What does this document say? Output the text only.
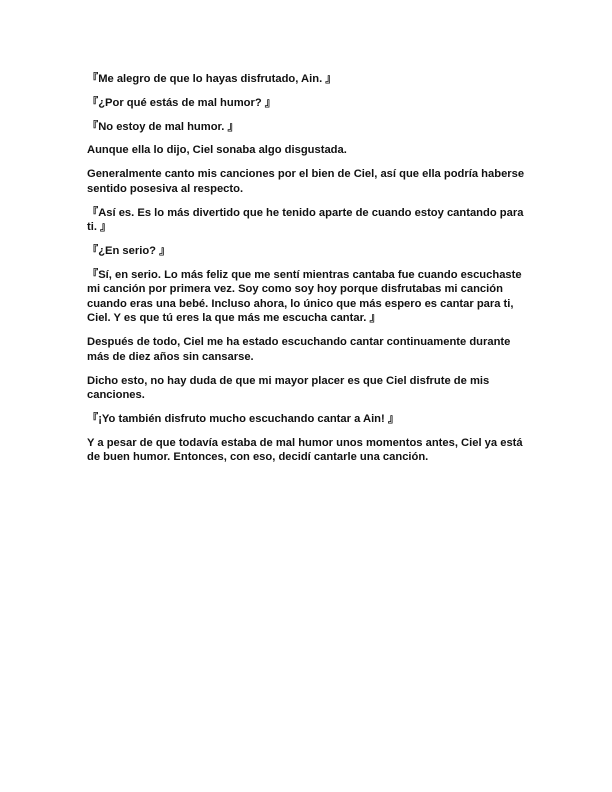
『Me alegro de que lo hayas disfrutado, Ain. 』

『¿Por qué estás de mal humor? 』

『No estoy de mal humor. 』

Aunque ella lo dijo, Ciel sonaba algo disgustada.

Generalmente canto mis canciones por el bien de Ciel, así que ella podría haberse sentido posesiva al respecto.

『Así es. Es lo más divertido que he tenido aparte de cuando estoy cantando para ti. 』

『¿En serio? 』

『Sí, en serio. Lo más feliz que me sentí mientras cantaba fue cuando escuchaste mi canción por primera vez. Soy como soy hoy porque disfrutabas mi canción cuando eras una bebé. Incluso ahora, lo único que más espero es cantar para ti, Ciel. Y es que tú eres la que más me escucha cantar. 』

Después de todo, Ciel me ha estado escuchando cantar continuamente durante más de diez años sin cansarse.

Dicho esto, no hay duda de que mi mayor placer es que Ciel disfrute de mis canciones.

『¡Yo también disfruto mucho escuchando cantar a Ain! 』

Y a pesar de que todavía estaba de mal humor unos momentos antes, Ciel ya está de buen humor. Entonces, con eso, decidí cantarle una canción.
